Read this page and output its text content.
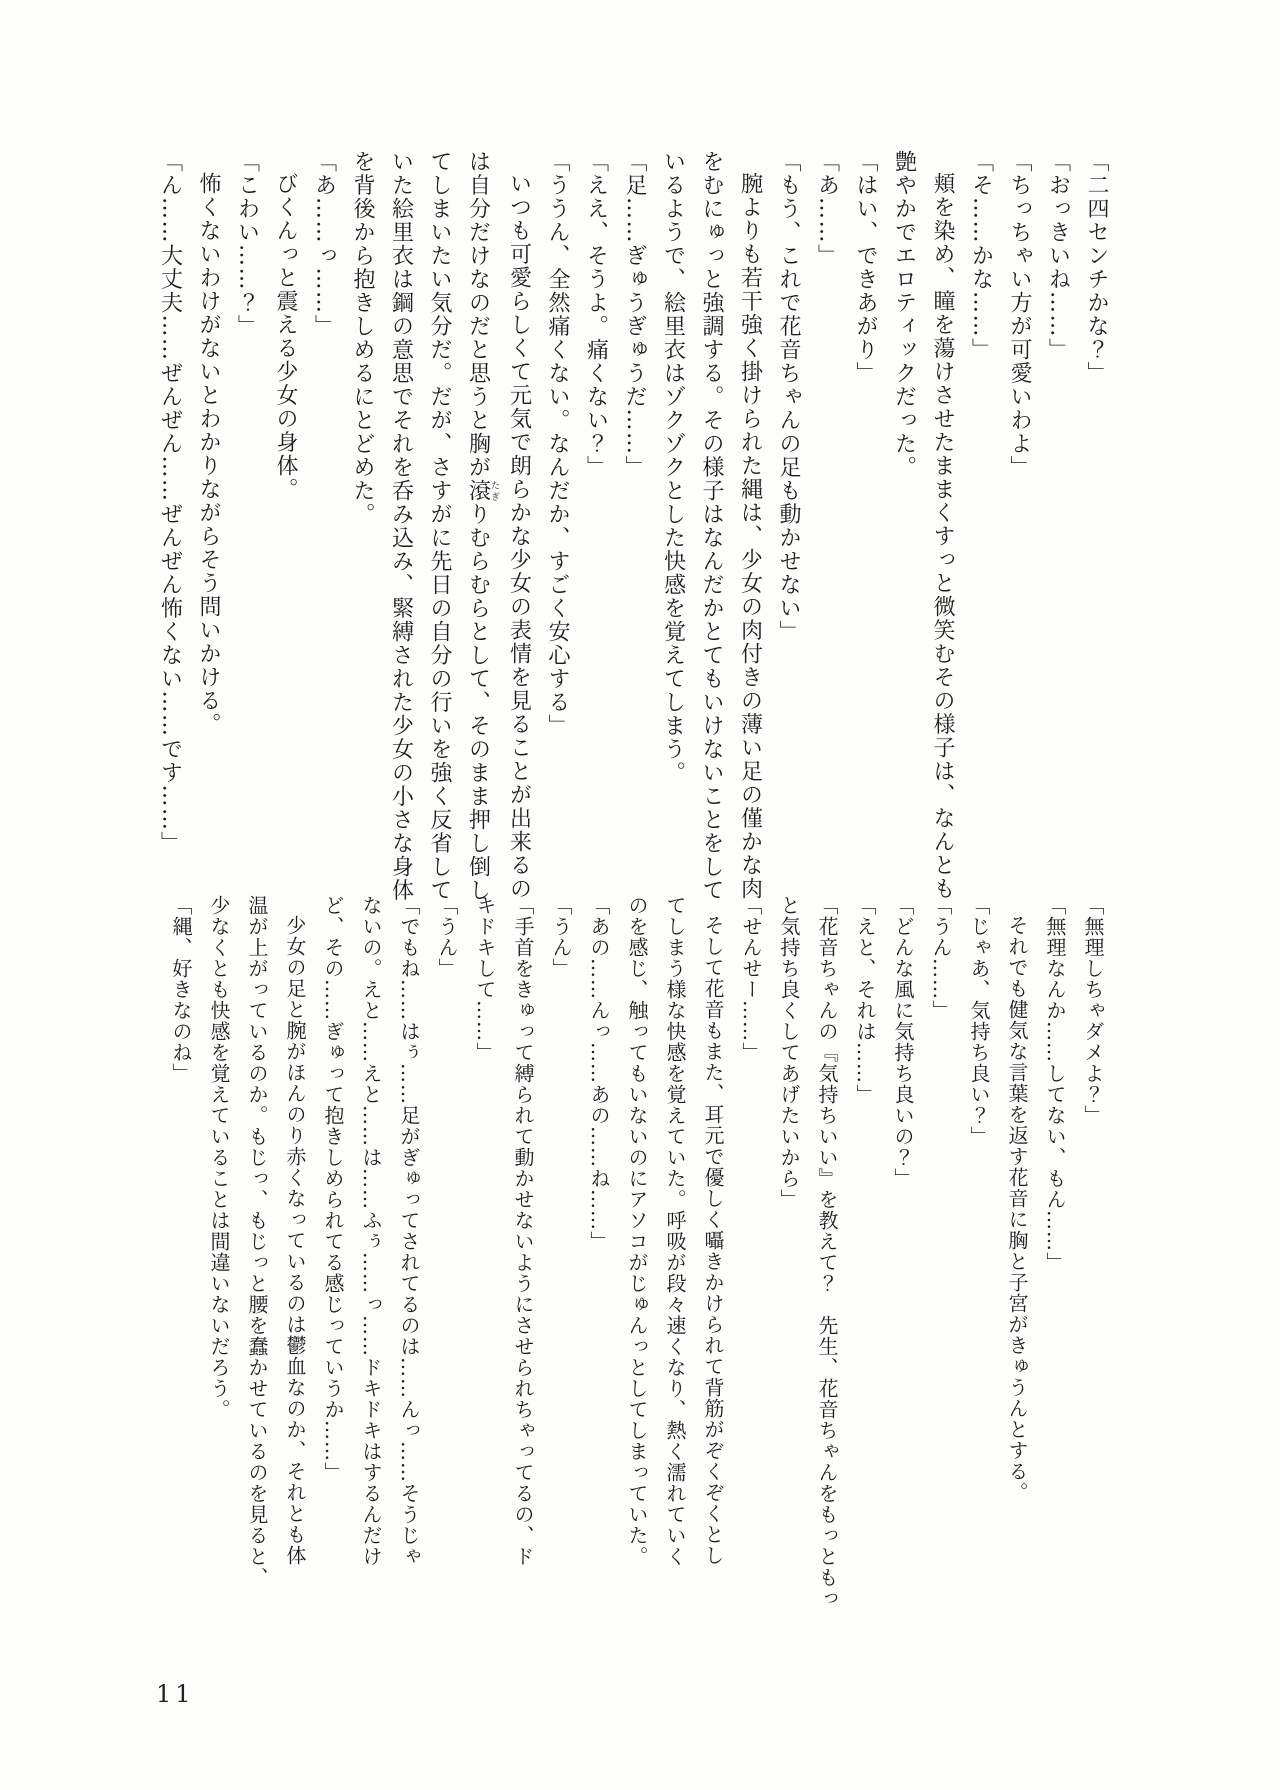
「二四センチかな？」
「おっきいね……」
「ちっちゃい方が可愛いわよ」
「そ……かな……」
頬を染め、瞳を蕩けさせたままくすっと微笑むその様子は、なんとも
艶やかでエロティックだった。
「はい、できあがり」
「あ……」
「もう、これで花音ちゃんの足も動かせない」
腕よりも若干強く掛けられた縄は、少女の肉付きの薄い足の僅かな肉
をむにゅっと強調する。その様子はなんだかとてもいけないことをして
いるようで、絵里衣はゾクゾクとした快感を覚えてしまう。
「足……ぎゅうぎゅうだ……」
「ええ、そうよ。痛くない？」
「ううん、全然痛くない。なんだか、すごく安心する」
いつも可愛らしくて元気で朗らかな少女の表情を見ることが出来るの
は自分だけなのだと思うと胸が滾たぎりむらむらとして、そのまま押し倒し
てしまいたい気分だ。だが、さすがに先日の自分の行いを強く反省して
いた絵里衣は鋼の意思でそれを呑み込み、緊縛された少女の小さな身体
を背後から抱きしめるにとどめた。
「あ……っ……」
びくんっと震える少女の身体。
「こわい……？」
怖くないわけがないとわかりながらそう問いかける。
「ん……大丈夫……ぜんぜん……ぜんぜん怖くない……です……」
「無理しちゃダメよ？」
「無理なんか……してない、もん……」
それでも健気な言葉を返す花音に胸と子宮がきゅうんとする。
「じゃあ、気持ち良い？」
「うん……」
「どんな風に気持ち良いの？」
「えと、それは……」
「花音ちゃんの『気持ちいい』を教えて？　先生、花音ちゃんをもっともっ
と気持ち良くしてあげたいから」
「せんせー……」
そして花音もまた、耳元で優しく囁きかけられて背筋がぞくぞくとし
てしまう様な快感を覚えていた。呼吸が段々速くなり、熱く濡れていく
のを感じ、触ってもいないのにアソコがじゅんっとしてしまっていた。
「あの……んっ……あの……ね……」
「うん」
「手首をきゅって縛られて動かせないようにさせられちゃってるの、ド
キドキして……」
「うん」
「でもね……はぅ……足がぎゅってされてるのは……んっ……そうじゃ
ないの。えと……えと……は……ふぅ……っ……ドキドキはするんだけ
ど、その……ぎゅって抱きしめられてる感じっていうか……」
少女の足と腕がほんのり赤くなっているのは鬱血なのか、それとも体
温が上がっているのか。もじっ、もじっと腰を蠢かせているのを見ると、
少なくとも快感を覚えていることは間違いないだろう。
「縄、好きなのね」
11
